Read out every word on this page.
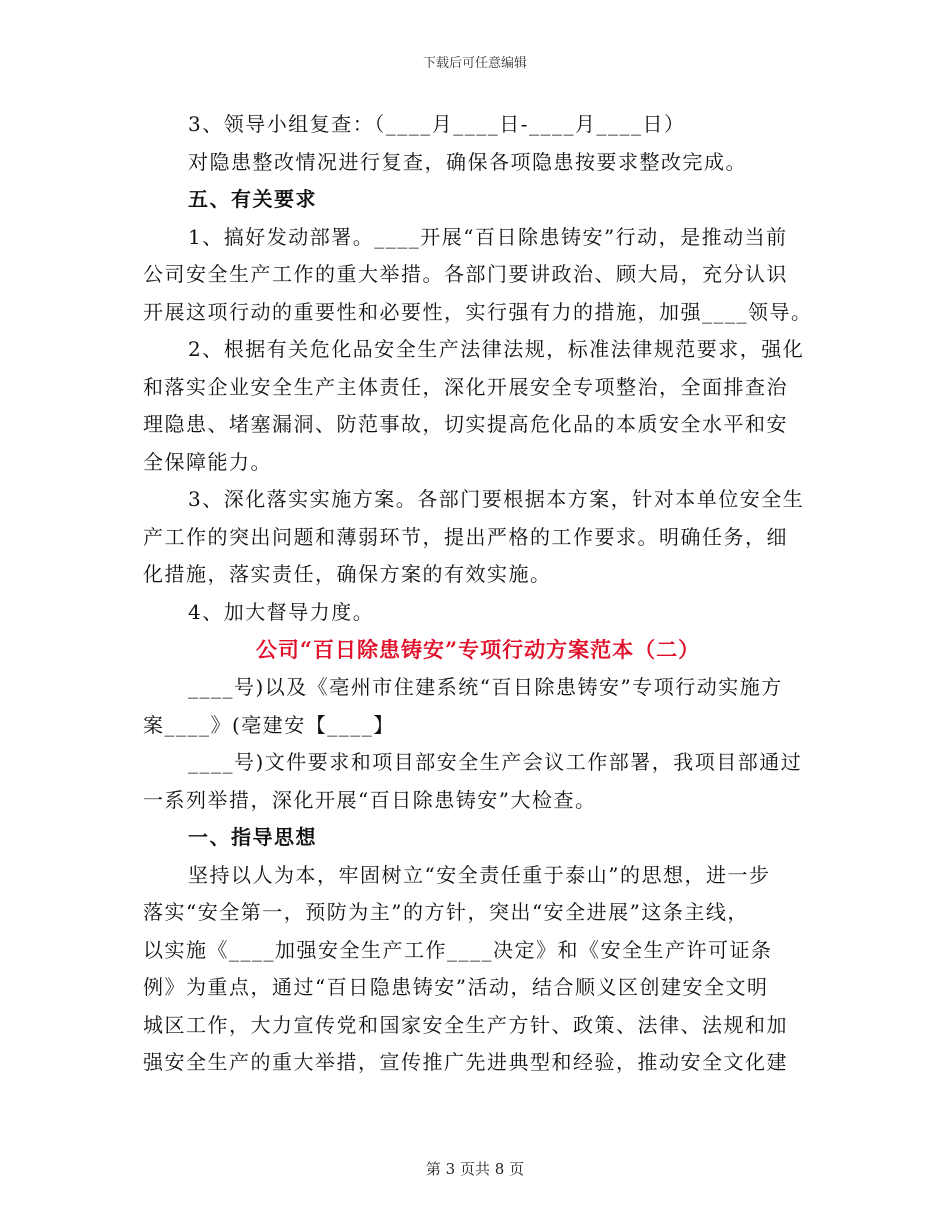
下载后可任意编辑
3、领导小组复查：（____月____日-____月____日）
对隐患整改情况进行复查，确保各项隐患按要求整改完成。
五、有关要求
1、搞好发动部署。____开展“百日除患铸安”行动，是推动当前
公司安全生产工作的重大举措。各部门要讲政治、顾大局，充分认识
开展这项行动的重要性和必要性，实行强有力的措施，加强____领导。
2、根据有关危化品安全生产法律法规，标准法律规范要求，强化
和落实企业安全生产主体责任，深化开展安全专项整治，全面排查治
理隐患、堵塞漏洞、防范事故，切实提高危化品的本质安全水平和安
全保障能力。
3、深化落实实施方案。各部门要根据本方案，针对本单位安全生
产工作的突出问题和薄弱环节，提出严格的工作要求。明确任务，细
化措施，落实责任，确保方案的有效实施。
4、加大督导力度。
公司“百日除患铸安”专项行动方案范本（二）
____号)以及《亳州市住建系统“百日除患铸安”专项行动实施方
案____》(亳建安【____】
____号)文件要求和项目部安全生产会议工作部署，我项目部通过
一系列举措，深化开展“百日除患铸安”大检查。
一、指导思想
坚持以人为本，牢固树立“安全责任重于泰山”的思想，进一步
落实“安全第一，预防为主”的方针，突出“安全进展”这条主线，
以实施《____加强安全生产工作____决定》和《安全生产许可证条
例》为重点，通过“百日隐患铸安”活动，结合顺义区创建安全文明
城区工作，大力宣传党和国家安全生产方针、政策、法律、法规和加
强安全生产的重大举措，宣传推广先进典型和经验，推动安全文化建
第 3 页共 8 页
